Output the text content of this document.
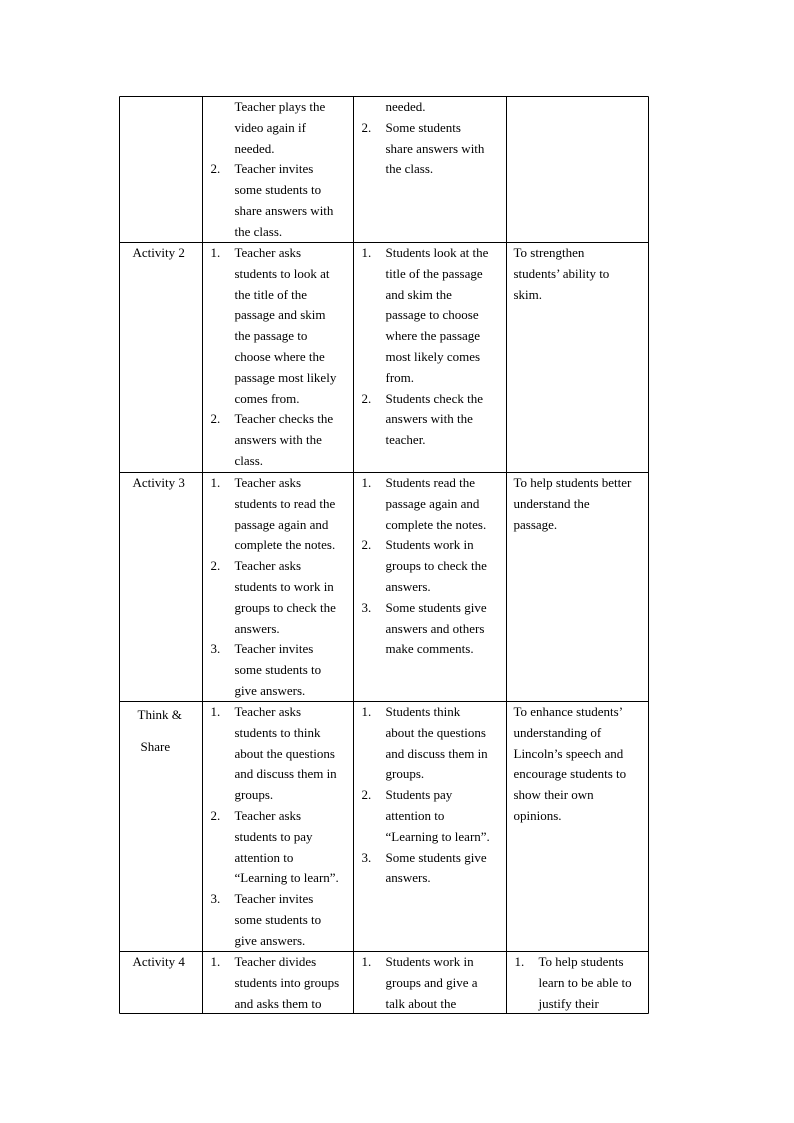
Teacher plays the
video again if
needed.
2. Teacher invites
some students to
share answers with
the class.
needed.
2. Some students
share answers with
the class.
Activity 2 1. Teacher asks
students to look at
the title of the
passage and skim
the passage to
choose where the
passage most likely
comes from.
2. Teacher checks the
answers with the
class.
1. Students look at the
title of the passage
and skim the
passage to choose
where the passage
most likely comes
from.
2. Students check the
answers with the
teacher.
To strengthen
students’ ability to
skim.
Activity 3 1. Teacher asks
students to read the
passage again and
complete the notes.
2. Teacher asks
students to work in
groups to check the
answers.
3. Teacher invites
some students to
give answers.
1. Students read the
passage again and
complete the notes.
2. Students work in
groups to check the
answers.
3. Some students give
answers and others
make comments.
To help students better
understand the
passage.
Think &
Share
1. Teacher asks
students to think
about the questions
and discuss them in
groups.
2. Teacher asks
students to pay
attention to
“Learning to learn”.
3. Teacher invites
some students to
give answers.
1. Students think
about the questions
and discuss them in
groups.
2. Students pay
attention to
“Learning to learn”.
3. Some students give
answers.
To enhance students’
understanding of
Lincoln’s speech and
encourage students to
show their own
opinions.
Activity 4 1. Teacher divides
students into groups
and asks them to
1. Students work in
groups and give a
talk about the
1. To help students
learn to be able to
justify their
